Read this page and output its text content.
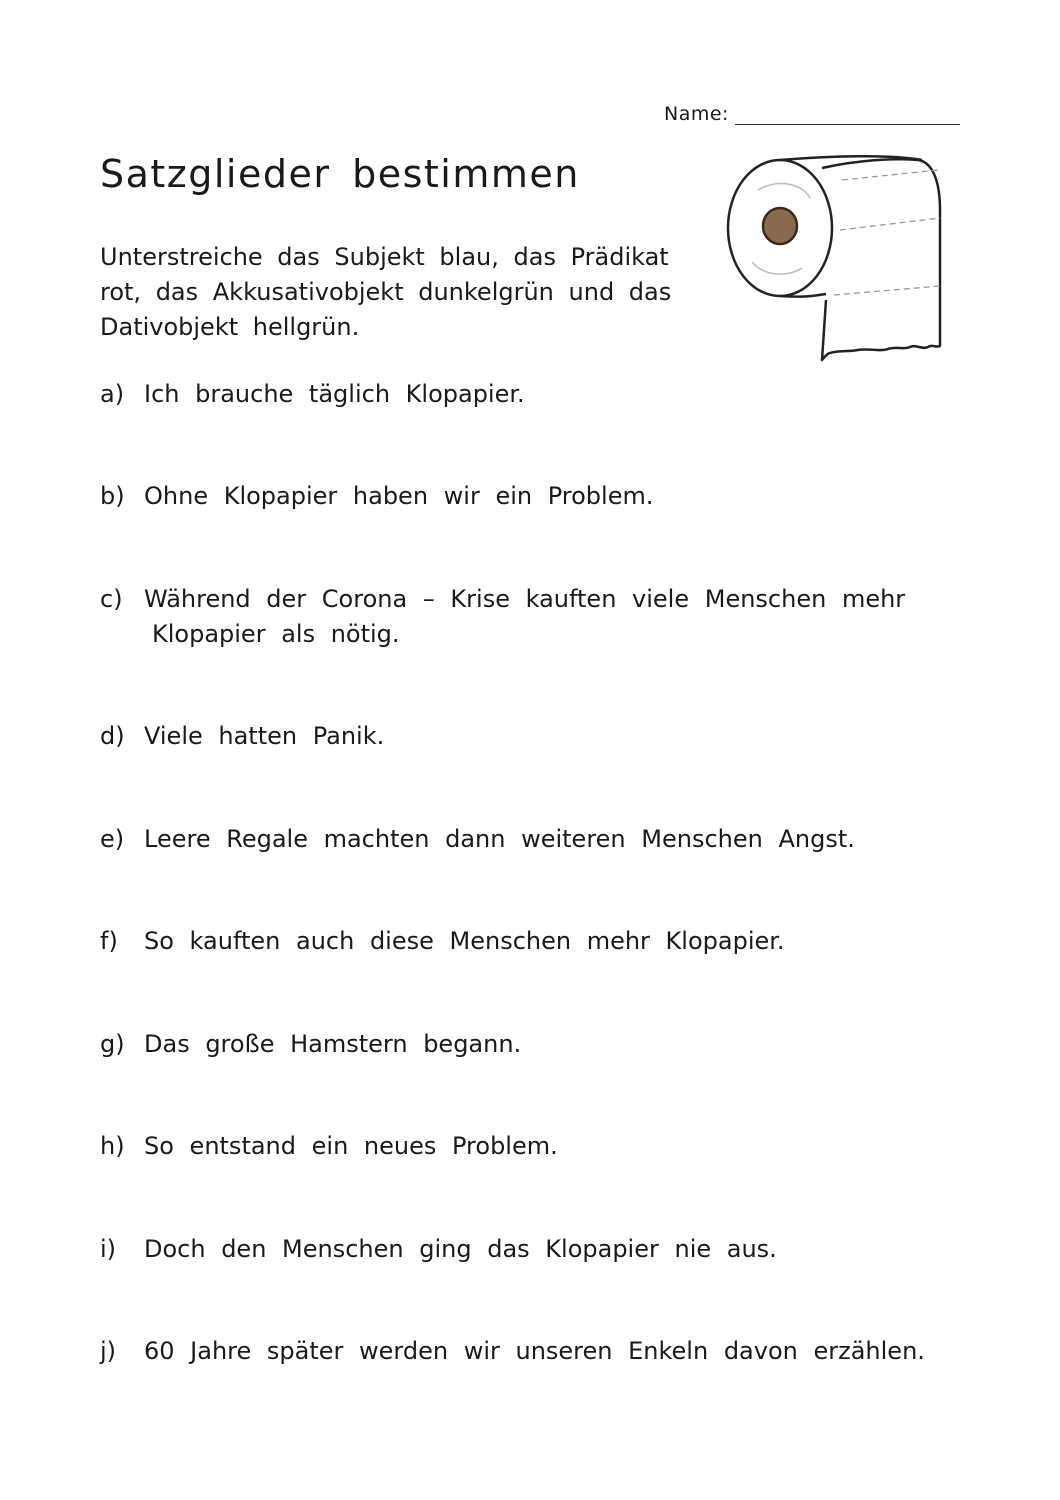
Name:
Satzglieder bestimmen

Unterstreiche das Subjekt blau, das Prädikat rot, das Akkusativobjekt dunkelgrün und das Dativobjekt hellgrün.

a) Ich brauche täglich Klopapier.
b) Ohne Klopapier haben wir ein Problem.
c) Während der Corona – Krise kauften viele Menschen mehr
Klopapier als nötig.
d) Viele hatten Panik.
e) Leere Regale machten dann weiteren Menschen Angst.
f) So kauften auch diese Menschen mehr Klopapier.
g) Das große Hamstern begann.
h) So entstand ein neues Problem.
i) Doch den Menschen ging das Klopapier nie aus.
j) 60 Jahre später werden wir unseren Enkeln davon erzählen.
